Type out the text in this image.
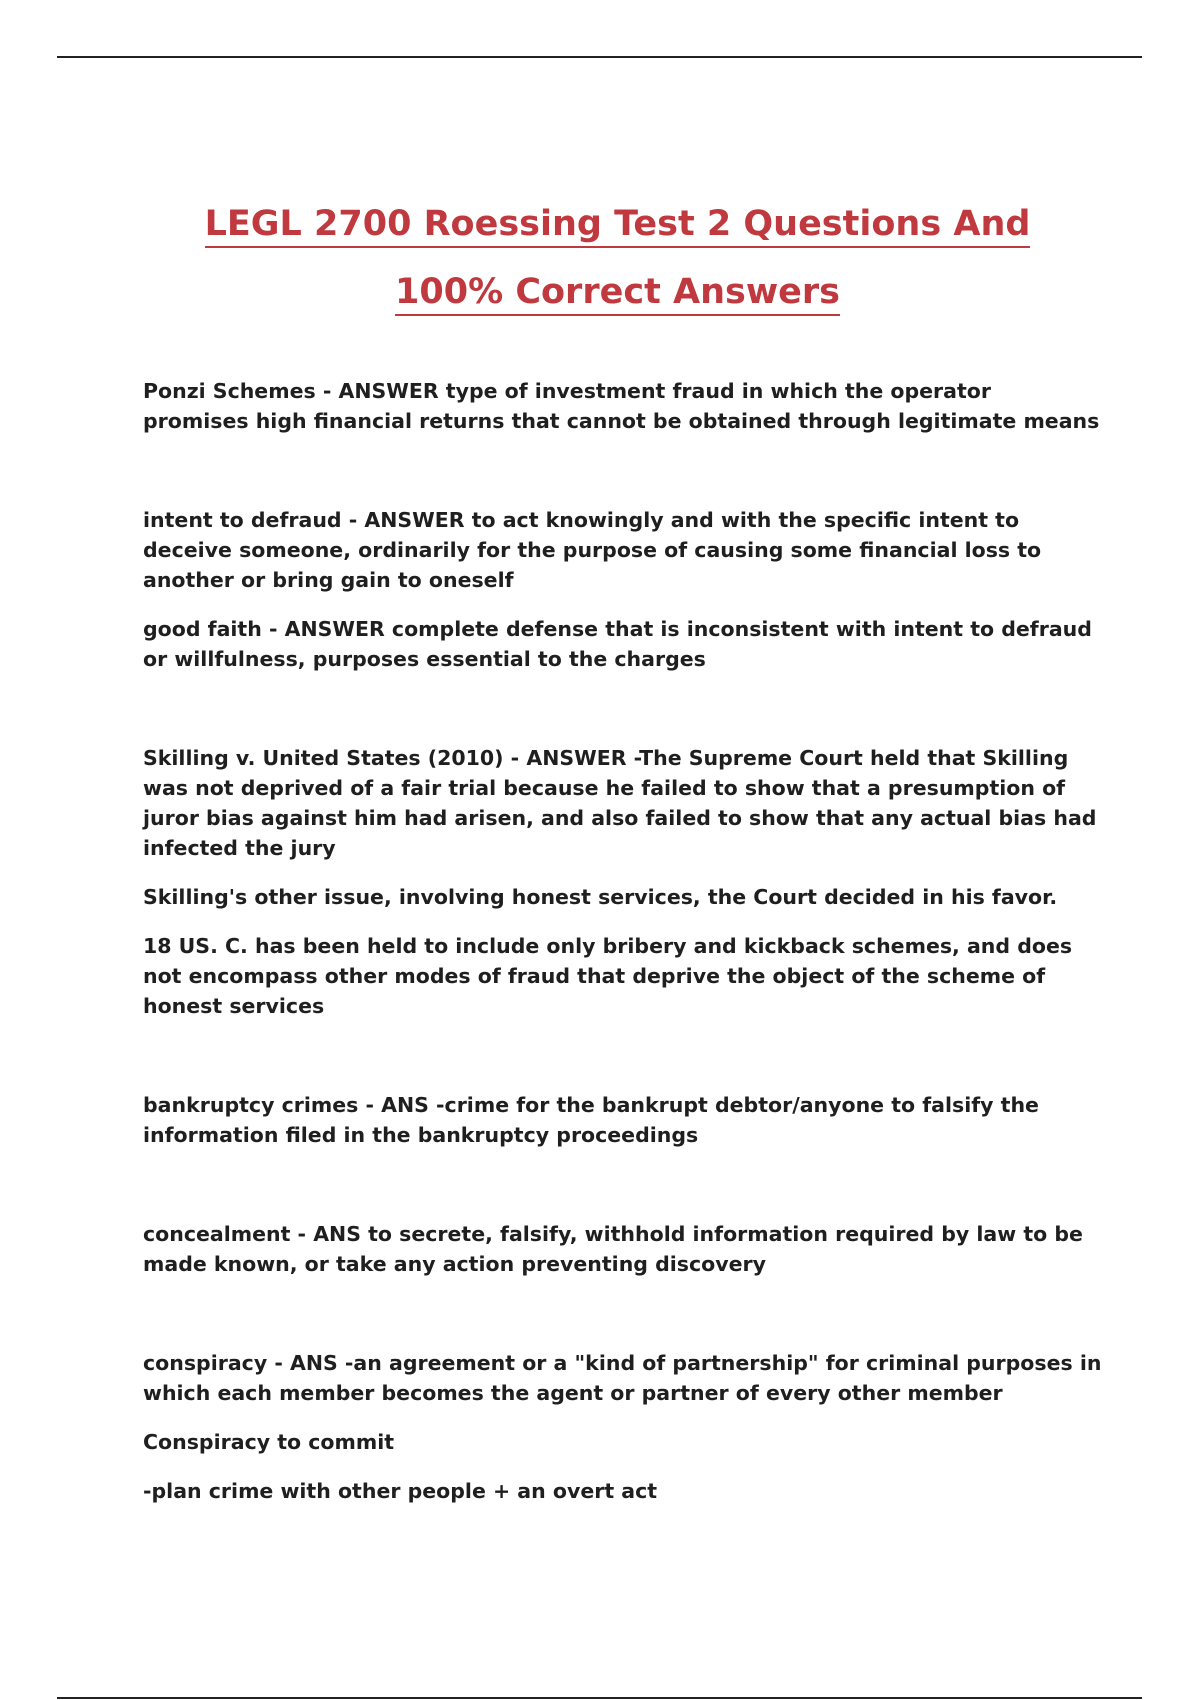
LEGL 2700 Roessing Test 2 Questions And
100% Correct Answers

Ponzi Schemes - ANSWER type of investment fraud in which the operator promises high financial returns that cannot be obtained through legitimate means

intent to defraud - ANSWER to act knowingly and with the specific intent to deceive someone, ordinarily for the purpose of causing some financial loss to another or bring gain to oneself

good faith - ANSWER complete defense that is inconsistent with intent to defraud or willfulness, purposes essential to the charges

Skilling v. United States (2010) - ANSWER -The Supreme Court held that Skilling was not deprived of a fair trial because he failed to show that a presumption of juror bias against him had arisen, and also failed to show that any actual bias had infected the jury

Skilling's other issue, involving honest services, the Court decided in his favor.

18 US. C. has been held to include only bribery and kickback schemes, and does not encompass other modes of fraud that deprive the object of the scheme of honest services

bankruptcy crimes - ANS -crime for the bankrupt debtor/anyone to falsify the information filed in the bankruptcy proceedings

concealment - ANS to secrete, falsify, withhold information required by law to be made known, or take any action preventing discovery

conspiracy - ANS -an agreement or a "kind of partnership" for criminal purposes in which each member becomes the agent or partner of every other member

Conspiracy to commit

-plan crime with other people + an overt act
